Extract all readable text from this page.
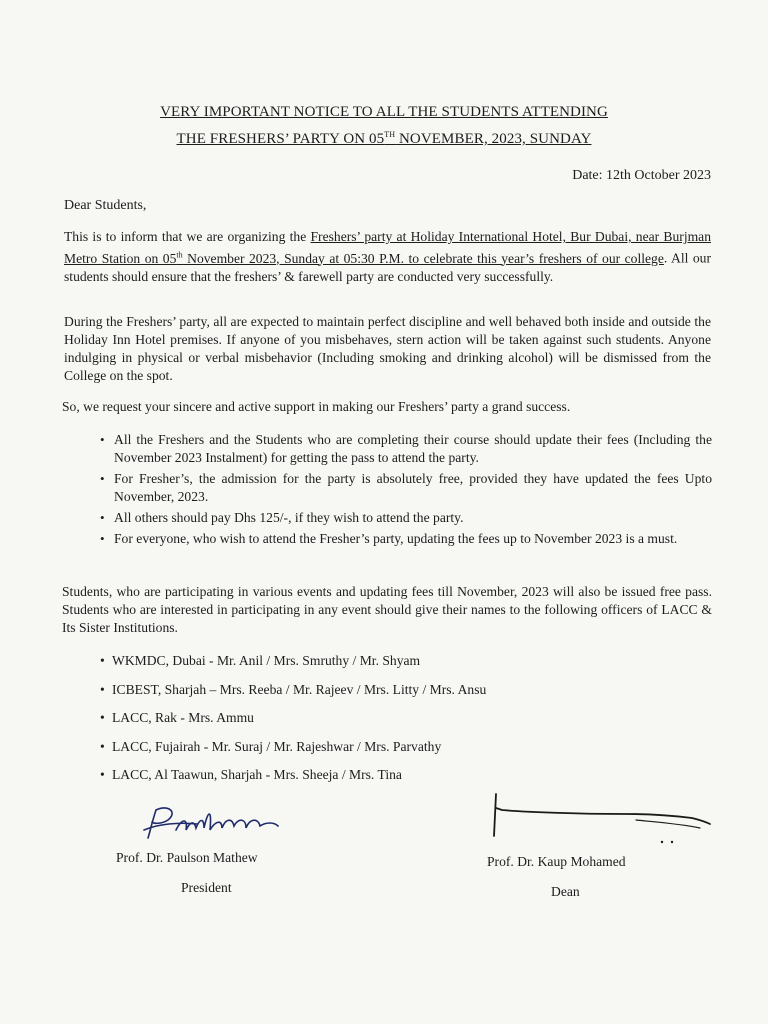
VERY IMPORTANT NOTICE TO ALL THE STUDENTS ATTENDING
THE FRESHERS’ PARTY ON 05TH NOVEMBER, 2023, SUNDAY
Date: 12th October 2023
Dear Students,

This is to inform that we are organizing the Freshers’ party at Holiday International Hotel, Bur Dubai, near Burjman Metro Station on 05th November 2023, Sunday at 05:30 P.M. to celebrate this year’s freshers of our college. All our students should ensure that the freshers’ & farewell party are conducted very successfully.

During the Freshers’ party, all are expected to maintain perfect discipline and well behaved both inside and outside the Holiday Inn Hotel premises. If anyone of you misbehaves, stern action will be taken against such students. Anyone indulging in physical or verbal misbehavior (Including smoking and drinking alcohol) will be dismissed from the College on the spot.

So, we request your sincere and active support in making our Freshers’ party a grand success.

• All the Freshers and the Students who are completing their course should update their fees (Including the November 2023 Instalment) for getting the pass to attend the party.
• For Fresher’s, the admission for the party is absolutely free, provided they have updated the fees Upto November, 2023.
• All others should pay Dhs 125/-, if they wish to attend the party.
• For everyone, who wish to attend the Fresher’s party, updating the fees up to November 2023 is a must.

Students, who are participating in various events and updating fees till November, 2023 will also be issued free pass. Students who are interested in participating in any event should give their names to the following officers of LACC & Its Sister Institutions.

• WKMDC, Dubai - Mr. Anil / Mrs. Smruthy / Mr. Shyam
• ICBEST, Sharjah – Mrs. Reeba / Mr. Rajeev / Mrs. Litty / Mrs. Ansu
• LACC, Rak - Mrs. Ammu
• LACC, Fujairah - Mr. Suraj / Mr. Rajeshwar / Mrs. Parvathy
• LACC, Al Taawun, Sharjah - Mrs. Sheeja / Mrs. Tina
Prof. Dr. Paulson Mathew
President
Prof. Dr. Kaup Mohamed
Dean
